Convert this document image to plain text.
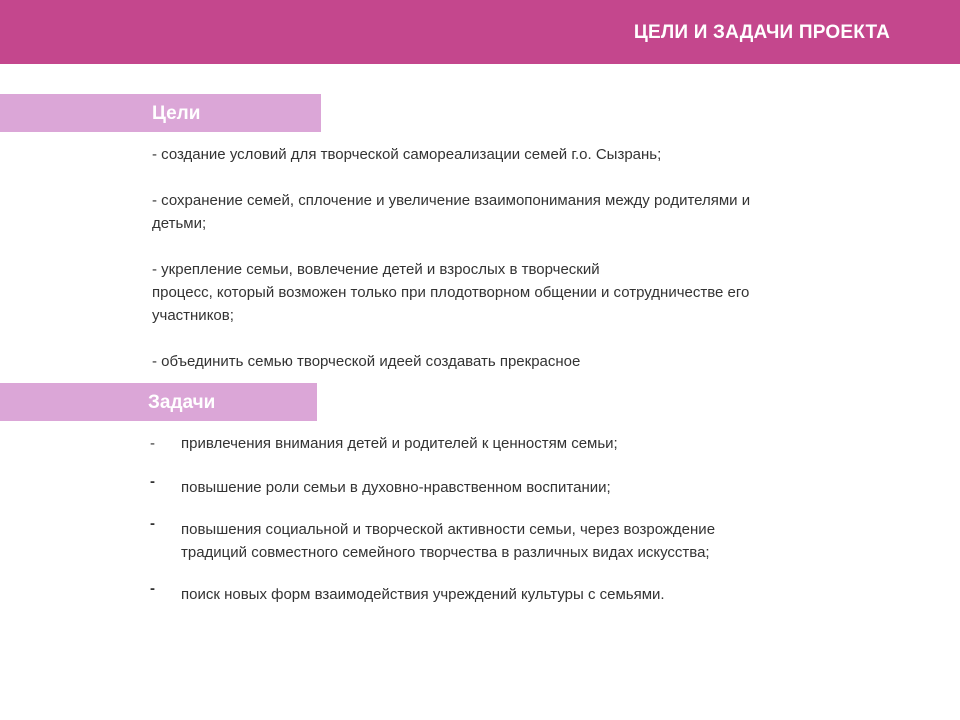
ЦЕЛИ И ЗАДАЧИ ПРОЕКТА
Цели

- создание условий для творческой самореализации семей г.о. Сызрань;

- сохранение семей, сплочение и увеличение взаимопонимания между родителями и
детьми;

- укрепление семьи, вовлечение детей и взрослых в творческий
процесс, который возможен только при плодотворном общении и сотрудничестве его
участников;

- объединить семью творческой идеей создавать прекрасное

Задачи
- привлечения внимания детей и родителей к ценностям семьи;
- повышение роли семьи в духовно-нравственном воспитании;
- повышения социальной и творческой активности семьи, через возрождение
традиций совместного семейного творчества в различных видах искусства;
- поиск новых форм взаимодействия учреждений культуры с семьями.
